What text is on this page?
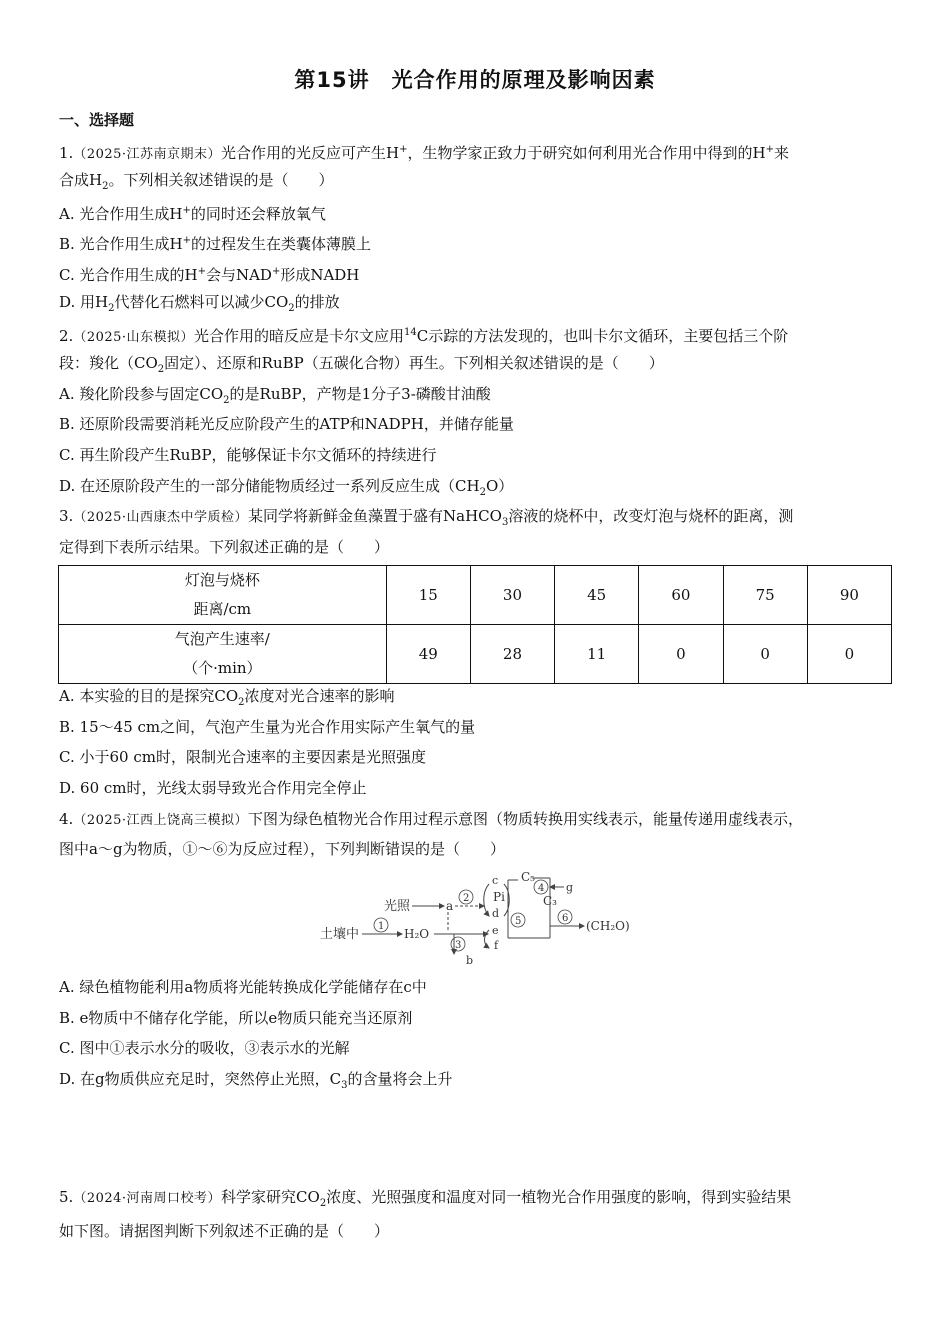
第15讲　光合作用的原理及影响因素
一、选择题
1.（2025·江苏南京期末）光合作用的光反应可产生H+，生物学家正致力于研究如何利用光合作用中得到的H+来
合成$H_2$。下列相关叙述错误的是（　　）
A. 光合作用生成H+的同时还会释放氧气
B. 光合作用生成H+的过程发生在类囊体薄膜上
C. 光合作用生成的H+会与NAD+形成NADH
D. 用$H_2$代替化石燃料可以减少$CO_2$的排放
2.（2025·山东模拟）光合作用的暗反应是卡尔文应用$^{14}$C示踪的方法发现的，也叫卡尔文循环，主要包括三个阶
段：羧化（$CO_2$固定）、还原和RuBP（五碳化合物）再生。下列相关叙述错误的是（　　）
A. 羧化阶段参与固定$CO_2$的是RuBP，产物是1分子3-磷酸甘油酸
B. 还原阶段需要消耗光反应阶段产生的ATP和NADPH，并储存能量
C. 再生阶段产生RuBP，能够保证卡尔文循环的持续进行
D. 在还原阶段产生的一部分储能物质经过一系列反应生成$(CH_2O)$
3.（2025·山西康杰中学质检）某同学将新鲜金鱼藻置于盛有NaHCO$_3$溶液的烧杯中，改变灯泡与烧杯的距离，测
定得到下表所示结果。下列叙述正确的是（　　）
灯泡与烧杯
距离/cm	15	30	45	60	75	90

气泡产生速率/
（个·min）	49	28	11	0	0	0
A. 本实验的目的是探究$CO_2$浓度对光合速率的影响
B. 15～45 cm之间，气泡产生量为光合作用实际产生氧气的量
C. 小于60 cm时，限制光合速率的主要因素是光照强度
D. 60 cm时，光线太弱导致光合作用完全停止
4.（2025·江西上饶高三模拟）下图为绿色植物光合作用过程示意图（物质转换用实线表示，能量传递用虚线表示，
图中a～g为物质，①～⑥为反应过程），下列判断错误的是（　　）
光照	a
2
c
Pi
d
e
f
5
C₅
C₃
4 g
6
(CH₂O)
土壤中
1
H₂O
3
b
A. 绿色植物能利用a物质将光能转换成化学能储存在c中
B. e物质中不储存化学能，所以e物质只能充当还原剂
C. 图中①表示水分的吸收，③表示水的光解
D. 在g物质供应充足时，突然停止光照，$C_3$的含量将会上升
5.（2024·河南周口校考）科学家研究$CO_2$浓度、光照强度和温度对同一植物光合作用强度的影响，得到实验结果
如下图。请据图判断下列叙述不正确的是（　　）
